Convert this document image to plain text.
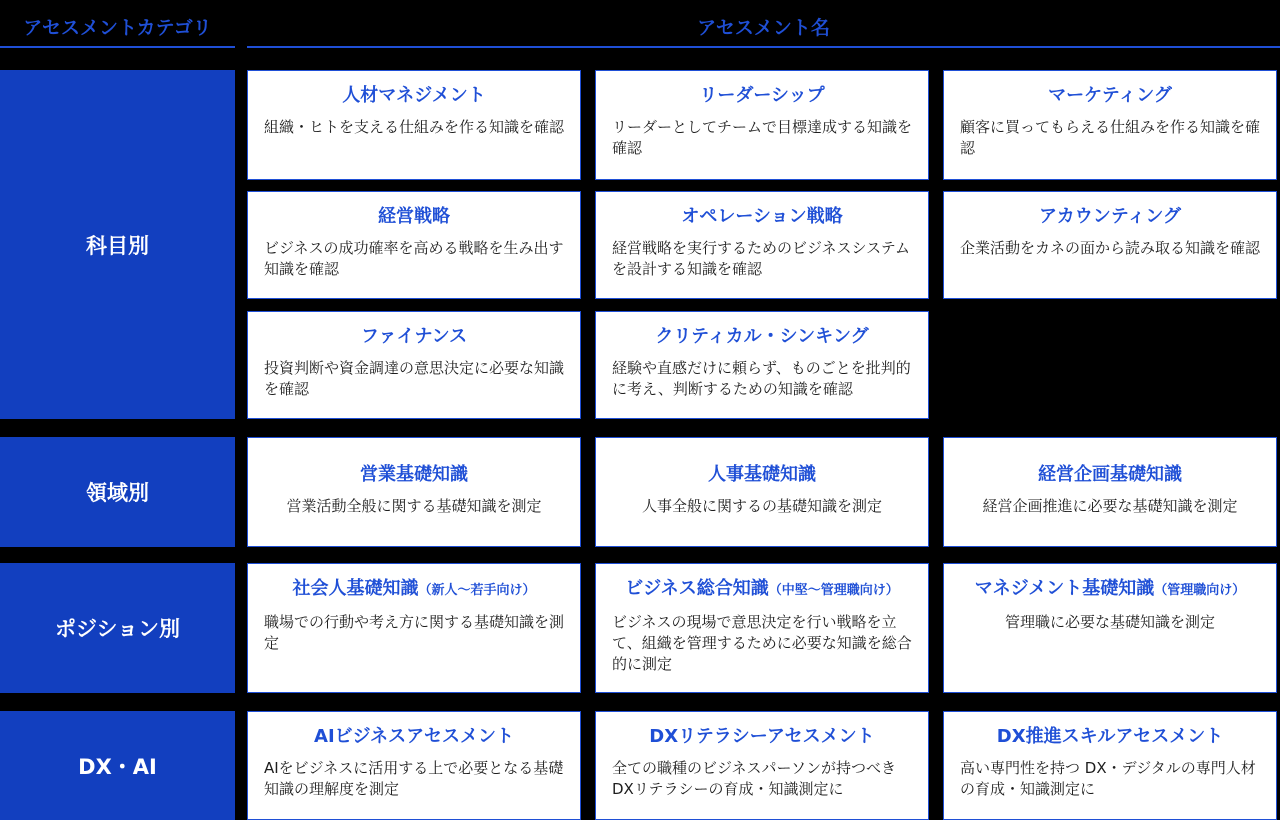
アセスメントカテゴリ	アセスメント名
科目別
領域別
ポジション別
DX・AI
人材マネジメント
組織・ヒトを支える仕組みを作る知識を確認
リーダーシップ
リーダーとしてチームで目標達成する知識を確認
マーケティング
顧客に買ってもらえる仕組みを作る知識を確認
経営戦略
ビジネスの成功確率を高める戦略を生み出す知識を確認
オペレーション戦略
経営戦略を実行するためのビジネスシステムを設計する知識を確認
アカウンティング
企業活動をカネの面から読み取る知識を確認
ファイナンス
投資判断や資金調達の意思決定に必要な知識を確認
クリティカル・シンキング
経験や直感だけに頼らず、ものごとを批判的に考え、判断するための知識を確認
営業基礎知識
営業活動全般に関する基礎知識を測定
人事基礎知識
人事全般に関するの基礎知識を測定
経営企画基礎知識
経営企画推進に必要な基礎知識を測定
社会人基礎知識（新人〜若手向け）
職場での行動や考え方に関する基礎知識を測定
ビジネス総合知識（中堅〜管理職向け）
ビジネスの現場で意思決定を行い戦略を立て、組織を管理するために必要な知識を総合的に測定
マネジメント基礎知識（管理職向け）
管理職に必要な基礎知識を測定
AIビジネスアセスメント
AIをビジネスに活用する上で必要となる基礎知識の理解度を測定
DXリテラシーアセスメント
全ての職種のビジネスパーソンが持つべき DXリテラシーの育成・知識測定に
DX推進スキルアセスメント
高い専門性を持つ DX・デジタルの専門人材の育成・知識測定に
